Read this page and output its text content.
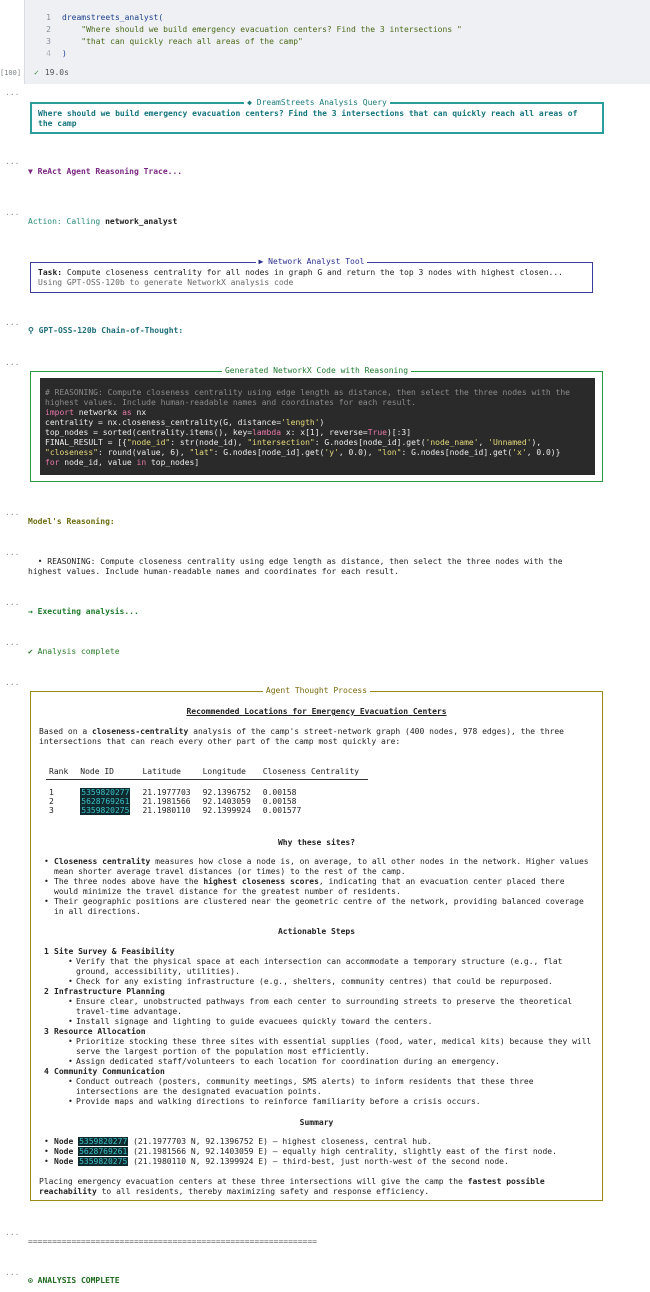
1 dreamstreets_analyst(
2 "Where should we build emergency evacuation centers? Find the 3 intersections "
3 "that can quickly reach all areas of the camp"
4 )
[100] ✓ 19.0s
...
...
...
...
...
...
...
...
...
...
...
...
◆ DreamStreets Analysis Query
Where should we build emergency evacuation centers? Find the 3 intersections that can quickly reach all areas of the camp
▼ ReAct Agent Reasoning Trace...
Action: Calling network_analyst
▶ Network Analyst Tool
Task: Compute closeness centrality for all nodes in graph G and return the top 3 nodes with highest closen...
Using GPT-OSS-120b to generate NetworkX analysis code
⚲ GPT-OSS-120b Chain-of-Thought:
Generated NetworkX Code with Reasoning
# REASONING: Compute closeness centrality using edge length as distance, then select the three nodes with the
highest values. Include human-readable names and coordinates for each result.
import networkx as nx
centrality = nx.closeness_centrality(G, distance='length')
top_nodes = sorted(centrality.items(), key=lambda x: x[1], reverse=True)[:3]
FINAL_RESULT = [{"node_id": str(node_id), "intersection": G.nodes[node_id].get('node_name', 'Unnamed'),
"closeness": round(value, 6), "lat": G.nodes[node_id].get('y', 0.0), "lon": G.nodes[node_id].get('x', 0.0)}
for node_id, value in top_nodes]
Model's Reasoning:
• REASONING: Compute closeness centrality using edge length as distance, then select the three nodes with the
highest values. Include human-readable names and coordinates for each result.
→ Executing analysis...
✔ Analysis complete
Agent Thought Process
Recommended Locations for Emergency Evacuation Centers
Based on a closeness-centrality analysis of the camp's street-network graph (400 nodes, 978 edges), the three intersections that can reach every other part of the camp most quickly are:
Rank	Node ID	Latitude	Longitude	Closeness Centrality

1	5359820277	21.1977703	92.1396752	0.00158
2	5628769261	21.1981566	92.1403059	0.00158
3	5359820275	21.1980110	92.1399924	0.001577
Why these sites?
• Closeness centrality measures how close a node is, on average, to all other nodes in the network. Higher values mean shorter average travel distances (or times) to the rest of the camp.
• The three nodes above have the highest closeness scores, indicating that an evacuation center placed there would minimize the travel distance for the greatest number of residents.
• Their geographic positions are clustered near the geometric centre of the network, providing balanced coverage in all directions.
Actionable Steps
1 Site Survey & Feasibility
• Verify that the physical space at each intersection can accommodate a temporary structure (e.g., flat ground, accessibility, utilities).
• Check for any existing infrastructure (e.g., shelters, community centres) that could be repurposed.
2 Infrastructure Planning
• Ensure clear, unobstructed pathways from each center to surrounding streets to preserve the theoretical travel-time advantage.
• Install signage and lighting to guide evacuees quickly toward the centers.
3 Resource Allocation
• Prioritize stocking these three sites with essential supplies (food, water, medical kits) because they will serve the largest portion of the population most efficiently.
• Assign dedicated staff/volunteers to each location for coordination during an emergency.
4 Community Communication
• Conduct outreach (posters, community meetings, SMS alerts) to inform residents that these three intersections are the designated evacuation points.
• Provide maps and walking directions to reinforce familiarity before a crisis occurs.
Summary
• Node 5359820277 (21.1977703 N, 92.1396752 E) — highest closeness, central hub.
• Node 5628769261 (21.1981566 N, 92.1403059 E) — equally high centrality, slightly east of the first node.
• Node 5359820275 (21.1980110 N, 92.1399924 E) — third-best, just north-west of the second node.
Placing emergency evacuation centers at these three intersections will give the camp the fastest possible reachability to all residents, thereby maximizing safety and response efficiency.
============================================================
⊙ ANALYSIS COMPLETE
